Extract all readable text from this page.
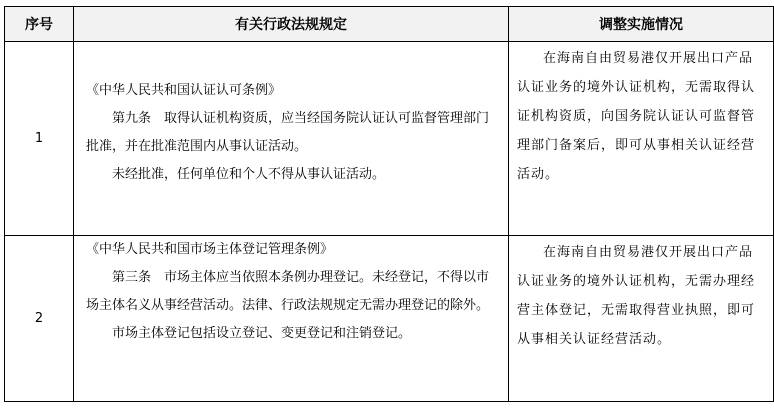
序号	有关行政法规规定	调整实施情况
1	《中华人民共和国认证认可条例》

第九条　取得认证机构资质，应当经国务院认证认可监督管理部门批准，并在批准范围内从事认证活动。

未经批准，任何单位和个人不得从事认证活动。	在海南自由贸易港仅开展出口产品认证业务的境外认证机构，无需取得认证机构资质，向国务院认证认可监督管理部门备案后，即可从事相关认证经营活动。
2	《中华人民共和国市场主体登记管理条例》

第三条　市场主体应当依照本条例办理登记。未经登记，不得以市场主体名义从事经营活动。法律、行政法规规定无需办理登记的除外。

市场主体登记包括设立登记、变更登记和注销登记。	在海南自由贸易港仅开展出口产品认证业务的境外认证机构，无需办理经营主体登记，无需取得营业执照，即可从事相关认证经营活动。
